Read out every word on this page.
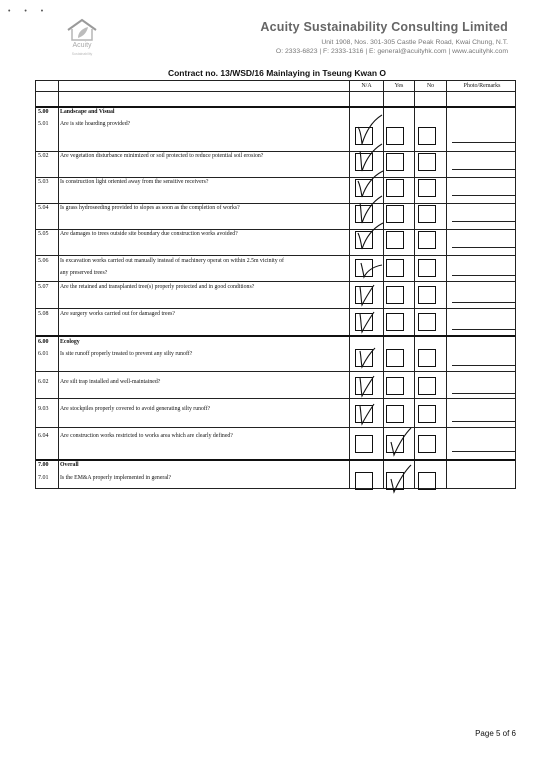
• • •
Acuity
Sustainability
Acuity Sustainability Consulting Limited
Unit 1908, Nos. 301-305 Castle Peak Road, Kwai Chung, N.T.
O: 2333-6823 | F: 2333-1316 | E: general@acuityhk.com | www.acuityhk.com
Contract no. 13/WSD/16 Mainlaying in Tseung Kwan O
N/A	Yes	No	Photo/Remarks
5.00 Landscape and Visual
5.01 Are is site hoarding provided?
5.02 Are vegetation disturbance minimized or soil protected to reduce potential soil erosion?
5.03 Is construction light oriented away from the sensitive receivers?
5.04 Is grass hydroseeding provided to slopes as soon as the completion of works?
5.05 Are damages to trees outside site boundary due construction works avoided?
5.06 Is excavation works carried out manually instead of machinery operat on within 2.5m vicinity of
any preserved trees?
5.07 Are the retained and transplanted tree(s) properly protected and in good conditions?
5.08 Are surgery works carried out for damaged trees?
6.00 Ecology
6.01 Is site runoff properly treated to prevent any silty runoff?
6.02 Are silt trap installed and well-maintained?
9.03 Are stockpiles properly covered to avoid generating silty runoff?
6.04 Are construction works restricted to works area which are clearly defined?
7.00 Overall
7.01 Is the EM&A properly implemented in general?
Page 5 of 6
